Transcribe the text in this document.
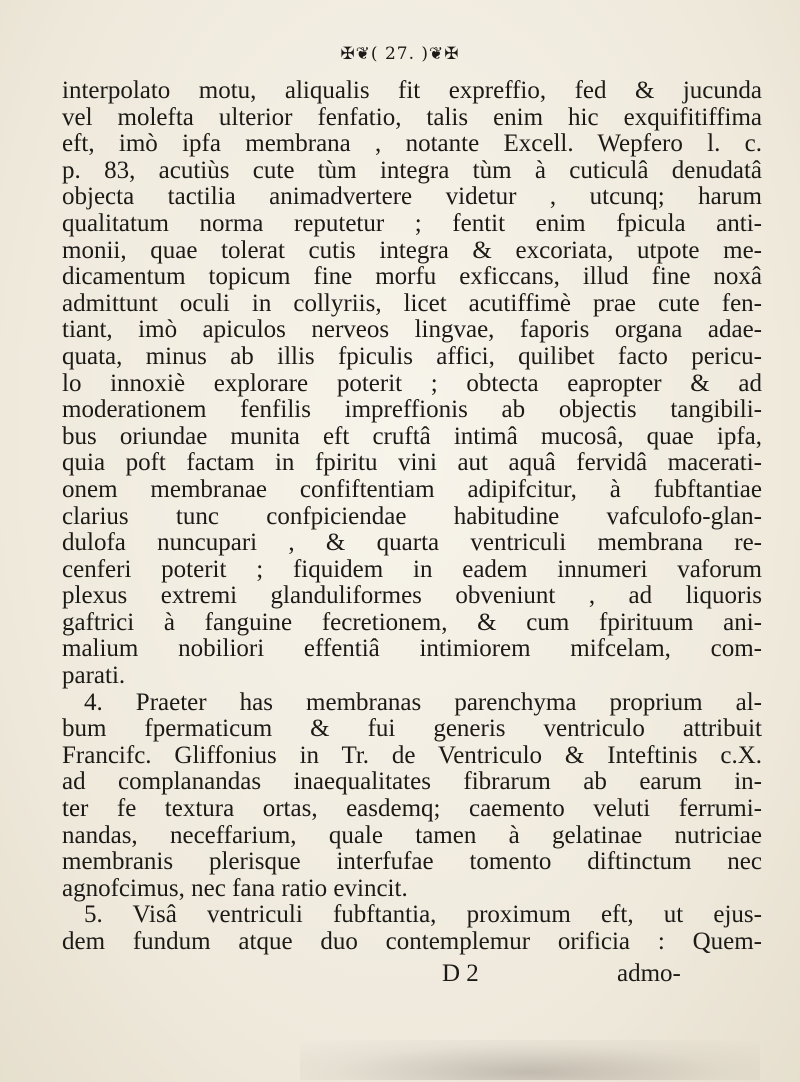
✠❦( 27. )❦✠
interpolato motu, aliqualis fit expreffio, fed & jucunda
vel molefta ulterior fenfatio, talis enim hic exquifitiffima
eft, imò ipfa membrana , notante Excell. Wepfero l. c.
p. 83, acutiùs cute tùm integra tùm à cuticulâ denudatâ
objecta tactilia animadvertere videtur , utcunq; harum
qualitatum norma reputetur ; fentit enim fpicula anti-
monii, quae tolerat cutis integra & excoriata, utpote me-
dicamentum topicum fine morfu exficcans, illud fine noxâ
admittunt oculi in collyriis, licet acutiffimè prae cute fen-
tiant, imò apiculos nerveos lingvae, faporis organa adae-
quata, minus ab illis fpiculis affici, quilibet facto pericu-
lo innoxiè explorare poterit ; obtecta eapropter & ad
moderationem fenfilis impreffionis ab objectis tangibili-
bus oriundae munita eft cruftâ intimâ mucosâ, quae ipfa,
quia poft factam in fpiritu vini aut aquâ fervidâ macerati-
onem membranae confiftentiam adipifcitur, à fubftantiae
clarius tunc confpiciendae habitudine vafculofo-glan-
dulofa nuncupari , & quarta ventriculi membrana re-
cenferi poterit ; fiquidem in eadem innumeri vaforum
plexus extremi glanduliformes obveniunt , ad liquoris
gaftrici à fanguine fecretionem, & cum fpirituum ani-
malium nobiliori effentiâ intimiorem mifcelam, com-
parati.
4. Praeter has membranas parenchyma proprium al-
bum fpermaticum & fui generis ventriculo attribuit
Francifc. Gliffonius in Tr. de Ventriculo & Inteftinis c.X.
ad complanandas inaequalitates fibrarum ab earum in-
ter fe textura ortas, easdemq; caemento veluti ferrumi-
nandas, neceffarium, quale tamen à gelatinae nutriciae
membranis plerisque interfufae tomento diftinctum nec
agnofcimus, nec fana ratio evincit.
5. Visâ ventriculi fubftantia, proximum eft, ut ejus-
dem fundum atque duo contemplemur orificia : Quem-
D 2	admo-
